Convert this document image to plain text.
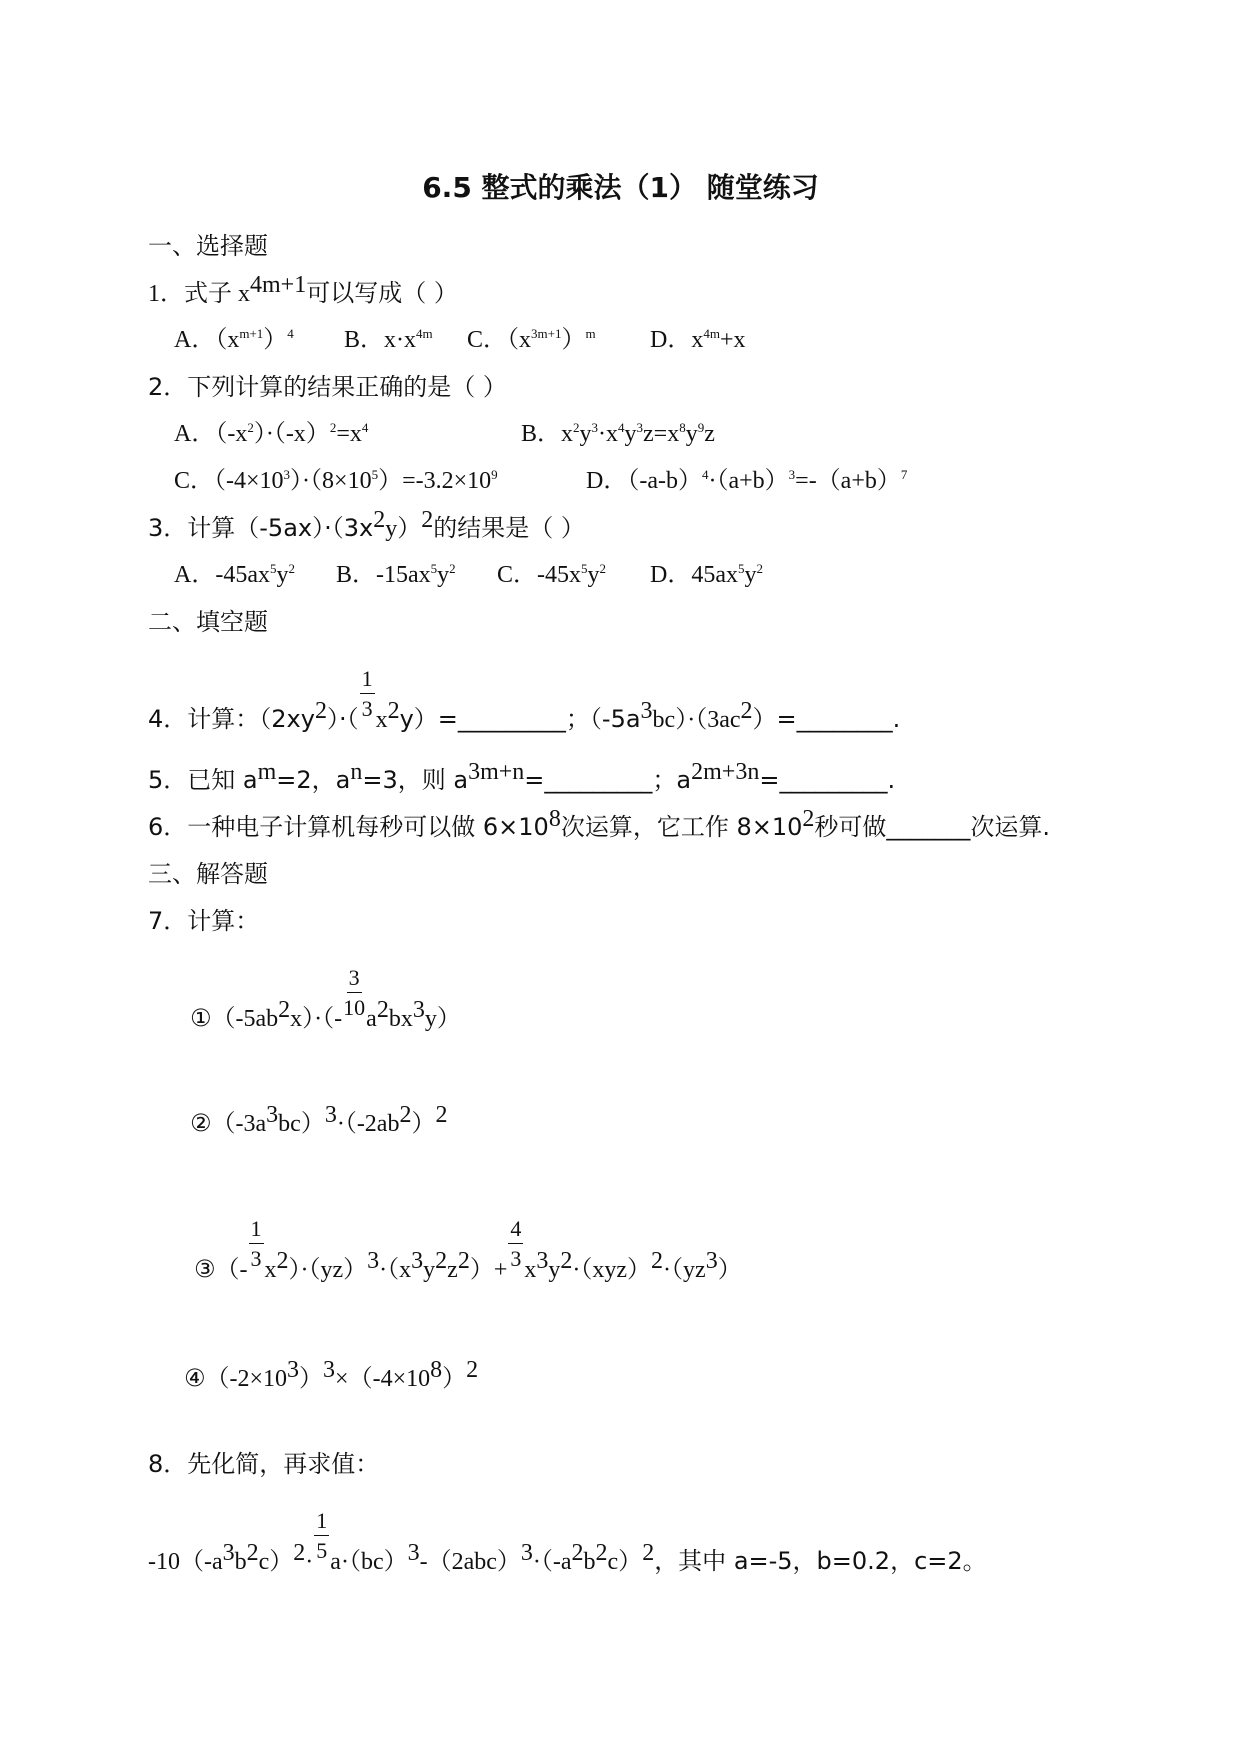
6.5 整式的乘法（1） 随堂练习
一、选择题
1．式子 $x^{4m+1}$可以写成（ ）
A．$(x^{m+1})^4$ B．$x\cdot x^{4m}$ C．$(x^{3m+1})^m$ D．$x^{4m}+x$
2．下列计算的结果正确的是（ ）
A．$(-x^2)\cdot(-x)^2=x^4$	B．$x^2y^3\cdot x^4y^3z=x^8y^9z$
C．$(-4\times 10^3)\cdot(8\times 10^5)=-3.2\times 10^9$	D．$(-a-b)^4\cdot(a+b)^3=-(a+b)^7$
3．计算$(-5ax)\cdot(3x^2y)^2$的结果是（ ）
A．$-45ax^5y^2$ B．$-15ax^5y^2$ C．$-45x^5y^2$ D．$45ax^5y^2$
二、填空题
4．计算：$(2xy^2)\cdot( \frac{1}{3}$ $x^2y)=\_\_\_\_\_\_\_\_\_$；$(-5a^3bc)\cdot(3ac^2)=\_\_\_\_\_\_\_\_$.
5．已知 $a^m=2$，$a^n=3$，则 $a^{3m+n}=\_\_\_\_\_\_\_\_\_$；$a^{2m+3n}=\_\_\_\_\_\_\_\_\_$.
6．一种电子计算机每秒可以做 $6\times 10^8$次运算，它工作 $8\times 10^2$秒可做_______次运算.
三、解答题
7．计算：
$①(-5ab^2x)\cdot(- \frac{3}{10} a^2bx^3y)$
$②(-3a^3bc)^3\cdot(-2ab^2)^2$
③（- $\frac{1}{3} x^2)\cdot(yz)^3\cdot(x^3y^2z^2)+ \frac{4}{3} x^3y^2\cdot(xyz)^2\cdot(yz^3)$
$④(-2\times 10^3)^3\times(-4\times 10^8)^2$
8．先化简，再求值：
$-10(-a^3b^2c)^2\cdot \frac{1}{5} a\cdot(bc)^3-(2abc)^3\cdot(-a^2b^2c)^2$，其中 a=-5，b=0.2，c=2。
